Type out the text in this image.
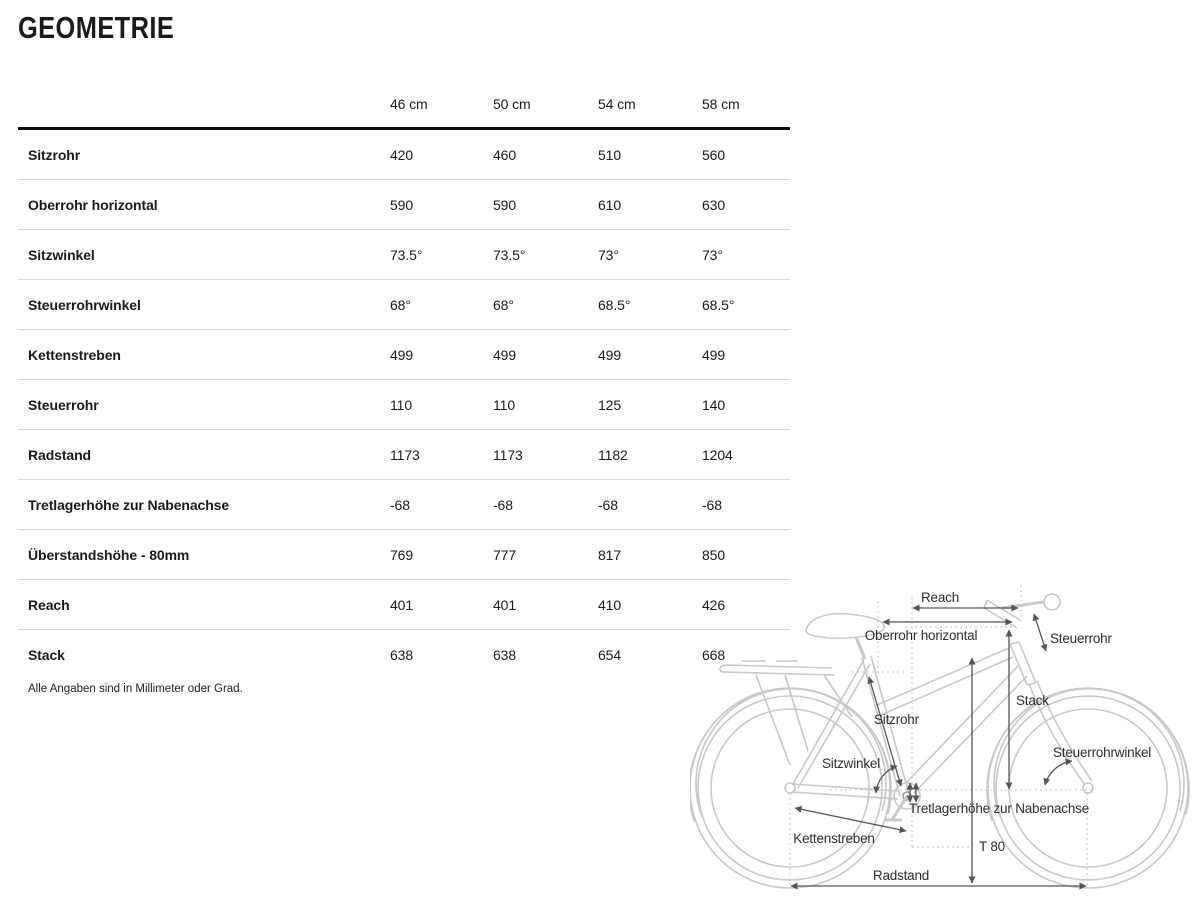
GEOMETRIE
46 cm	50 cm	54 cm	58 cm
Sitzrohr	420	460	510	560
Oberrohr horizontal	590	590	610	630
Sitzwinkel	73.5°	73.5°	73°	73°
Steuerrohrwinkel	68°	68°	68.5°	68.5°
Kettenstreben	499	499	499	499
Steuerrohr	110	110	125	140
Radstand	1173	1173	1182	1204
Tretlagerhöhe zur Nabenachse	-68	-68	-68	-68
Überstandshöhe - 80mm	769	777	817	850
Reach	401	401	410	426
Stack	638	638	654	668
Alle Angaben sind in Millimeter oder Grad.
Reach
Oberrohr horizontal	Steuerrohr
Stack
Sitzrohr
Sitzwinkel
Steuerrohrwinkel
Tretlagerhöhe zur Nabenachse
Kettenstreben
T 80
Radstand
